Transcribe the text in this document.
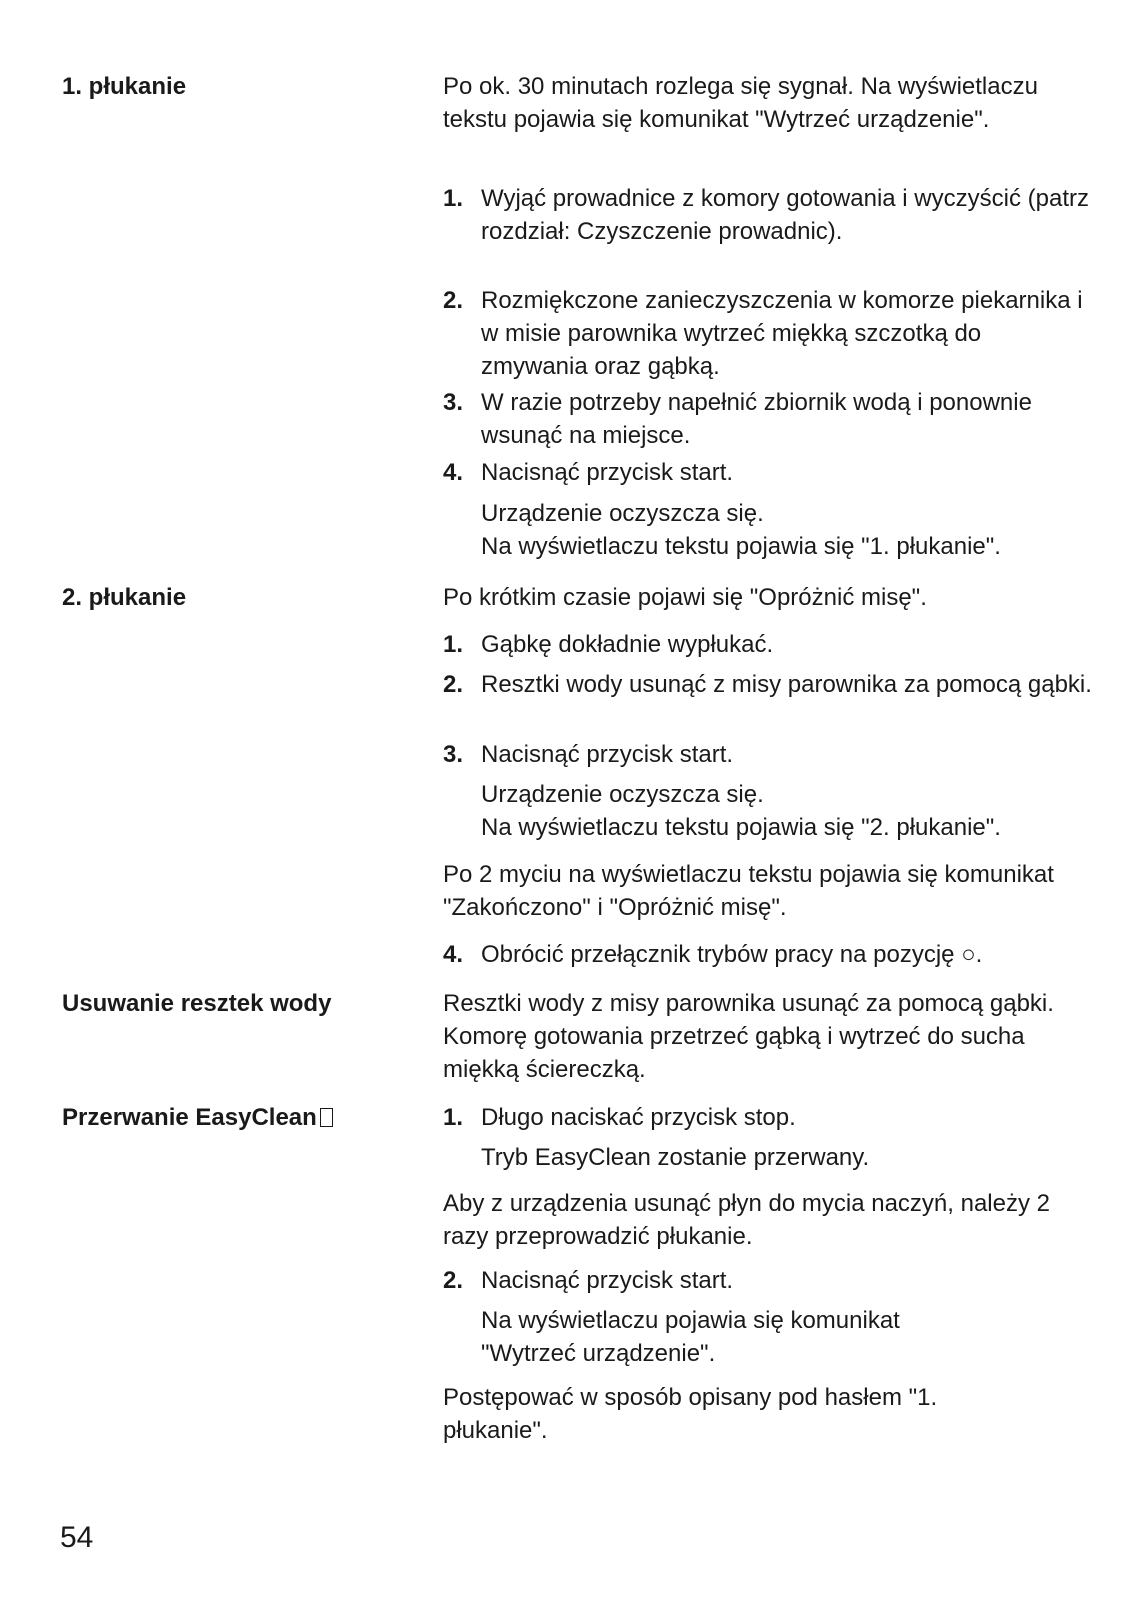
1. płukanie	Po ok. 30 minutach rozlega się sygnał. Na wyświetlaczu tekstu pojawia się komunikat "Wytrzeć urządzenie".

1. Wyjąć prowadnice z komory gotowania i wyczyścić (patrz rozdział: Czyszczenie prowadnic).
2. Rozmiękczone zanieczyszczenia w komorze piekarnika i w misie parownika wytrzeć miękką szczotką do zmywania oraz gąbką.
3. W razie potrzeby napełnić zbiornik wodą i ponownie wsunąć na miejsce.
4. Nacisnąć przycisk start.
Urządzenie oczyszcza się.
Na wyświetlaczu tekstu pojawia się "1. płukanie".

2. płukanie	Po krótkim czasie pojawi się "Opróżnić misę".

1. Gąbkę dokładnie wypłukać.
2. Resztki wody usunąć z misy parownika za pomocą gąbki.
3. Nacisnąć przycisk start.
Urządzenie oczyszcza się.
Na wyświetlaczu tekstu pojawia się "2. płukanie".

Po 2 myciu na wyświetlaczu tekstu pojawia się komunikat "Zakończono" i "Opróżnić misę".

4. Obrócić przełącznik trybów pracy na pozycję ○.

Usuwanie resztek wody	Resztki wody z misy parownika usunąć za pomocą gąbki. Komorę gotowania przetrzeć gąbką i wytrzeć do sucha miękką ściereczką.

Przerwanie EasyClean	1. Długo naciskać przycisk stop.
Tryb EasyClean zostanie przerwany.

Aby z urządzenia usunąć płyn do mycia naczyń, należy 2 razy przeprowadzić płukanie.

2. Nacisnąć przycisk start.
Na wyświetlaczu pojawia się komunikat
"Wytrzeć urządzenie".

Postępować w sposób opisany pod hasłem "1. płukanie".

54
